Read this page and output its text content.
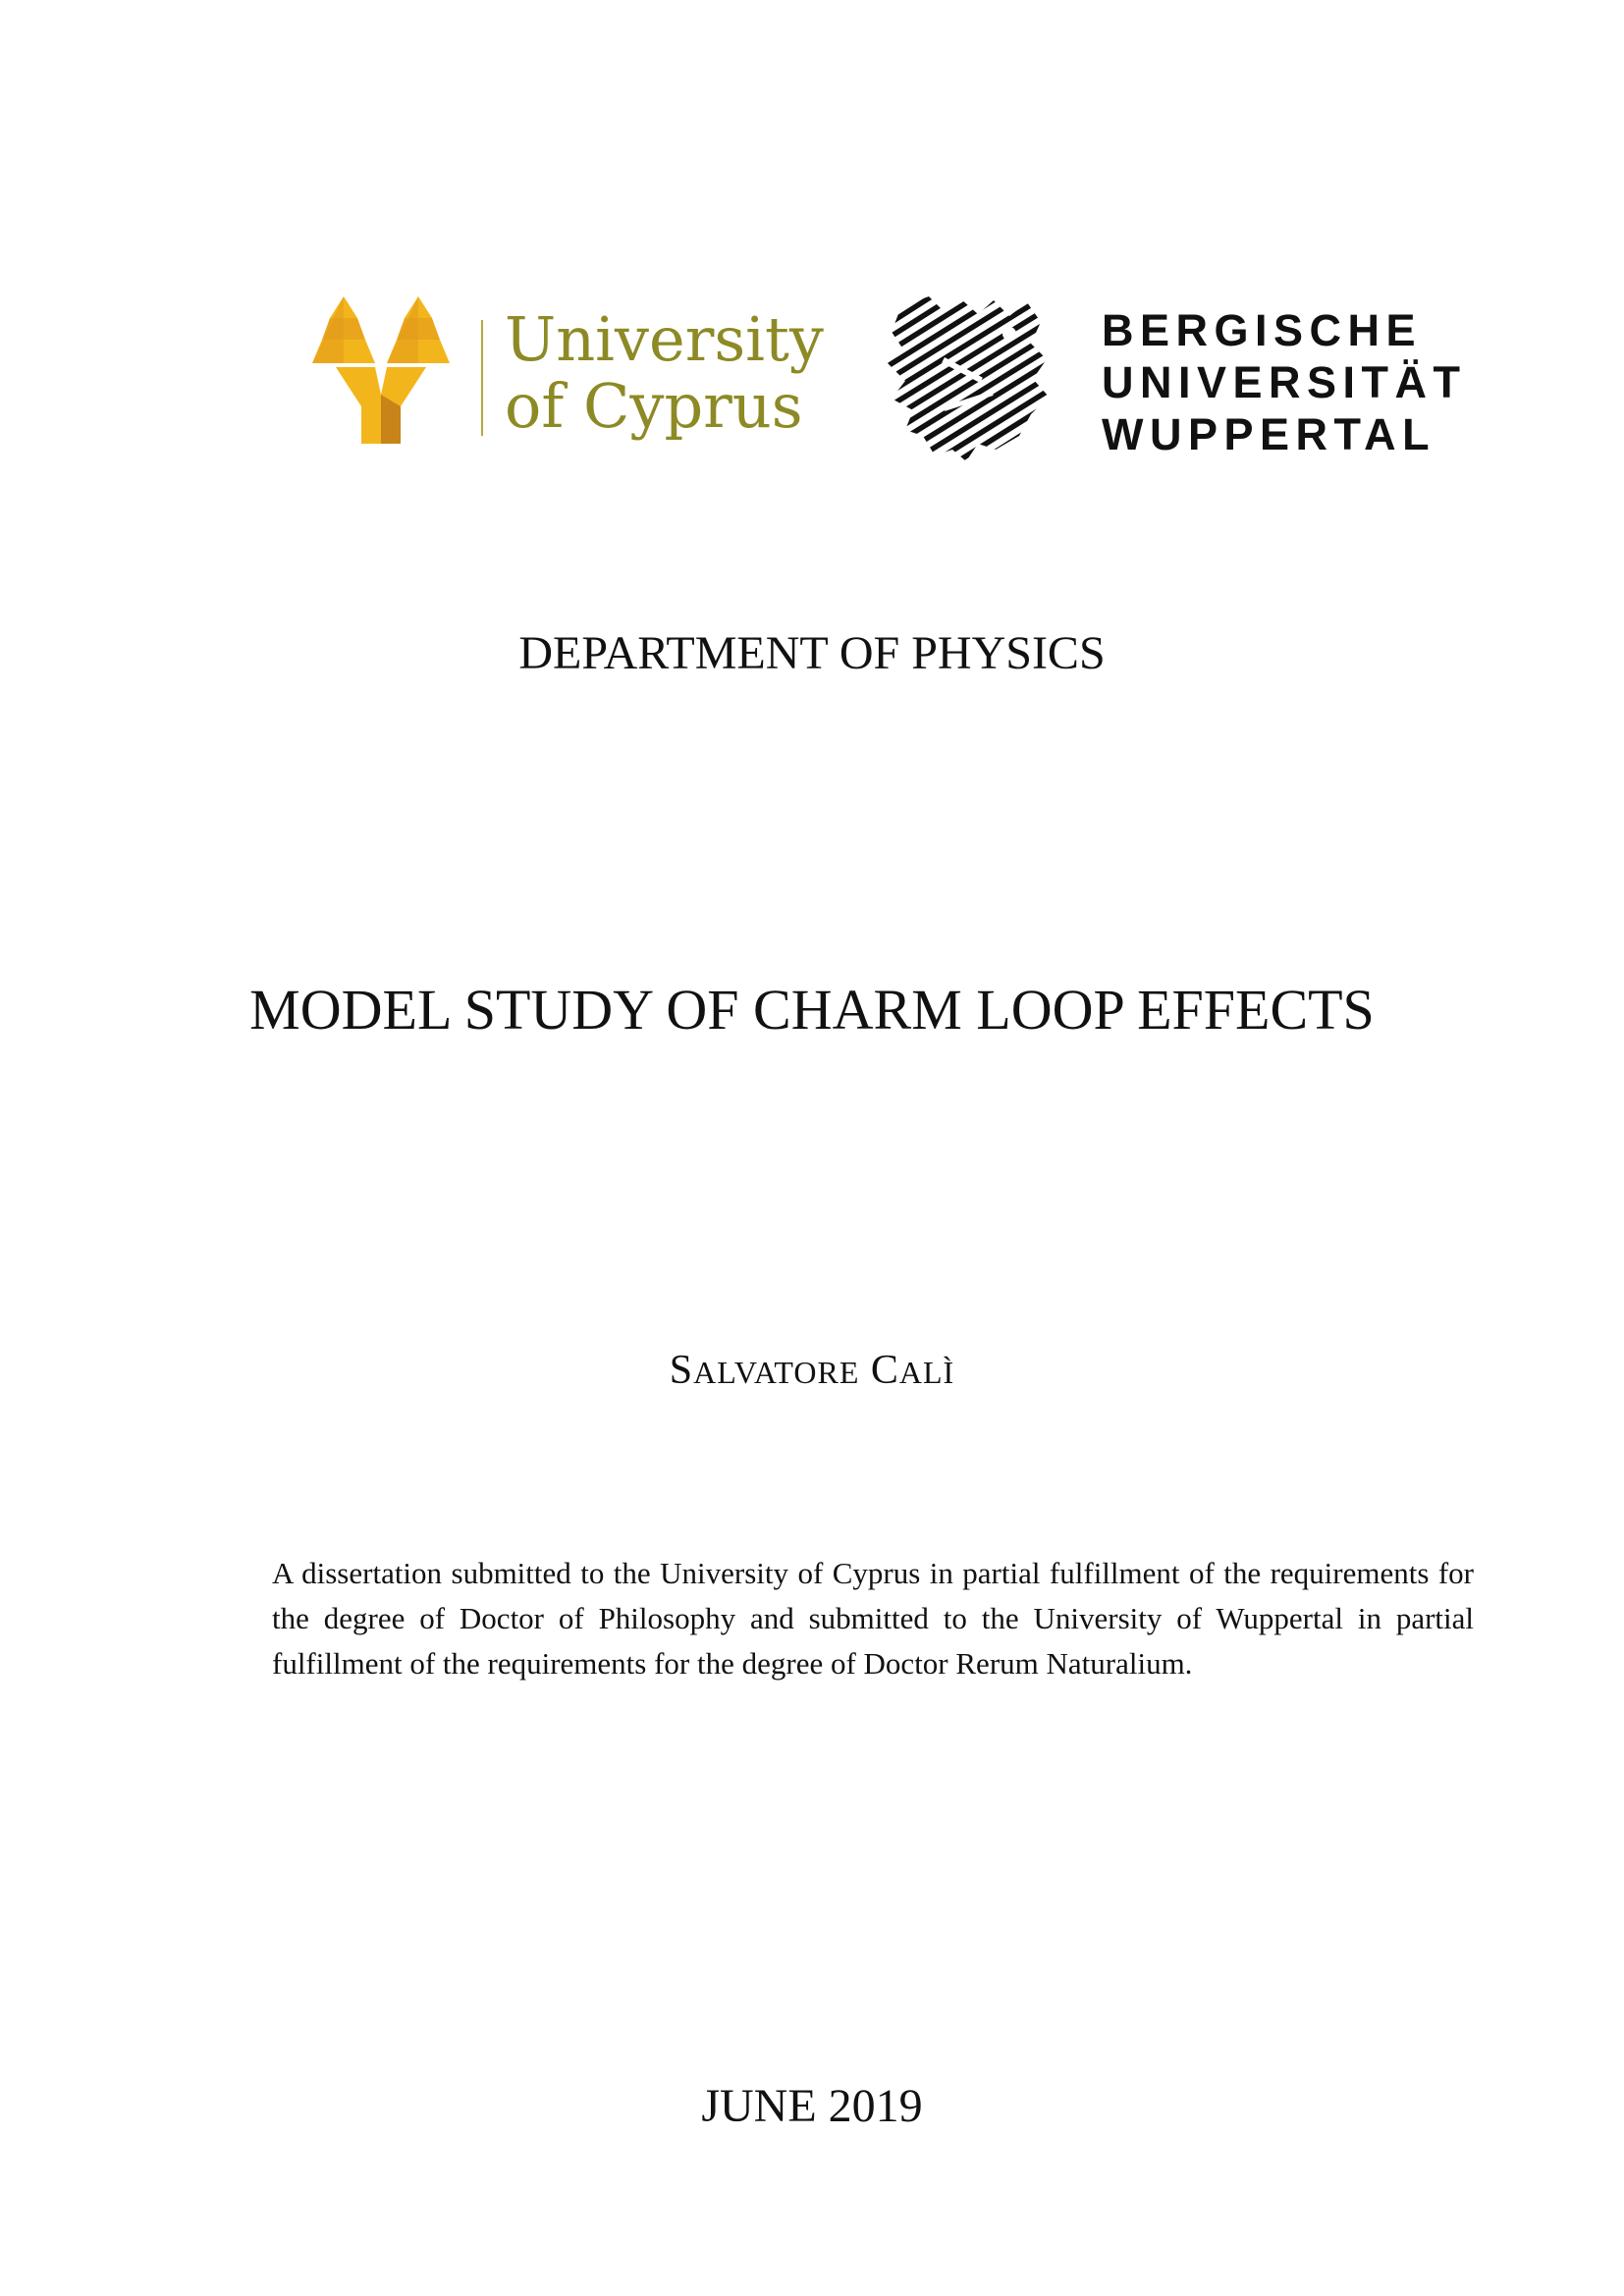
University
of Cyprus
BERGISCHE
UNIVERSITÄT
WUPPERTAL
DEPARTMENT OF PHYSICS
MODEL STUDY OF CHARM LOOP EFFECTS
SALVATORE CALÌ
A dissertation submitted to the University of Cyprus in partial fulfillment of the requirements for the degree of Doctor of Philosophy and submitted to the University of Wuppertal in partial fulfillment of the requirements for the degree of Doctor Rerum Naturalium.
JUNE 2019
